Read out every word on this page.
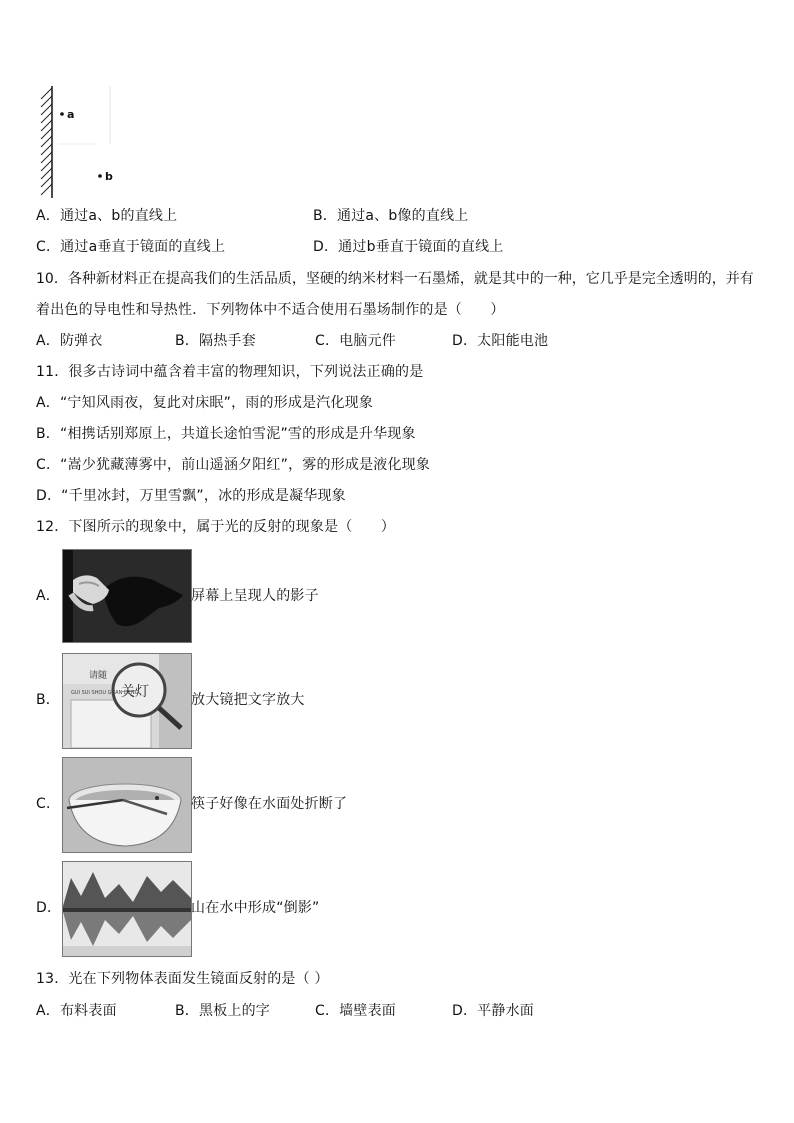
a
b
A．通过a、b的直线上	B．通过a、b像的直线上
C．通过a垂直于镜面的直线上	D．通过b垂直于镜面的直线上
10．各种新材料正在提高我们的生活品质，坚硬的纳米材料一石墨烯，就是其中的一种，它几乎是完全透明的，并有
着出色的导电性和导热性．下列物体中不适合使用石墨场制作的是（　　）
A．防弹衣	B．隔热手套	C．电脑元件	D．太阳能电池
11．很多古诗词中蕴含着丰富的物理知识，下列说法正确的是
A．“宁知风雨夜，复此对床眠”，雨的形成是汽化现象
B．“相携话别郑原上，共道长途怕雪泥”雪的形成是升华现象
C．“嵩少犹藏薄雾中，前山遥涵夕阳红”，雾的形成是液化现象
D．“千里冰封，万里雪飘”，冰的形成是凝华现象
12．下图所示的现象中，属于光的反射的现象是（　　）
A．	屏幕上呈现人的影子
B．	关灯
请随
GUI SUI SHOU GUAN DENG	放大镜把文字放大
C．	筷子好像在水面处折断了
D．	山在水中形成“倒影”
13．光在下列物体表面发生镜面反射的是（ ）
A．布料表面	B．黑板上的字	C．墙壁表面	D．平静水面
